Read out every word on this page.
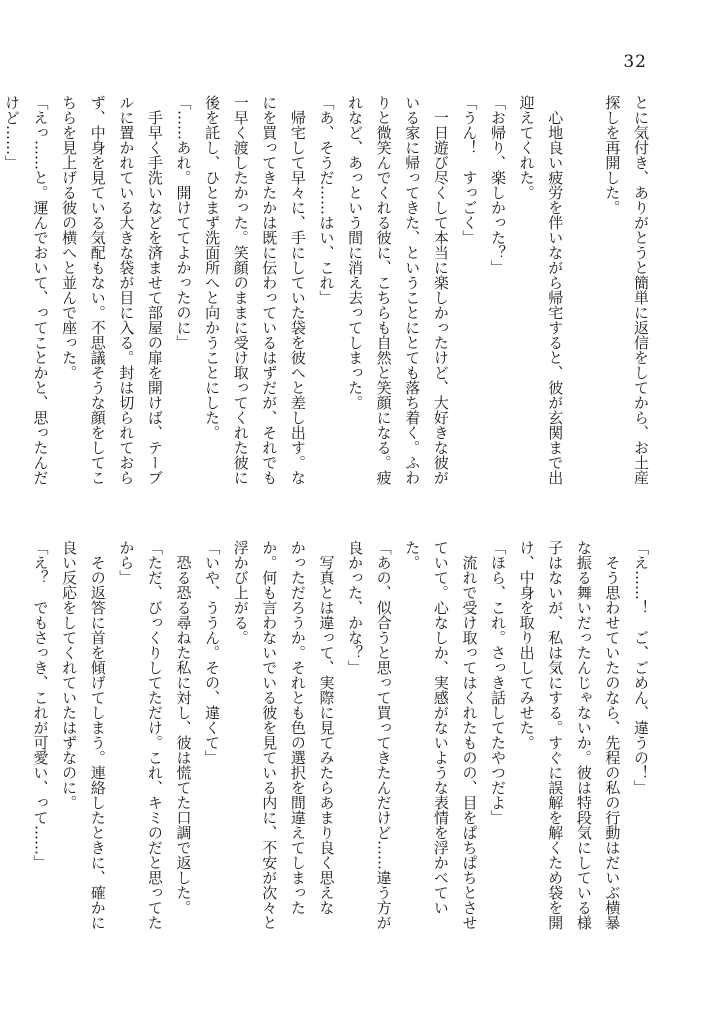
32
とに気付き、ありがとうと簡単に返信をしてから、お土産
探しを再開した。

　心地良い疲労を伴いながら帰宅すると、彼が玄関まで出
迎えてくれた。
「お帰り、楽しかった？」
「うん！　すっごく」
　一日遊び尽くして本当に楽しかったけど、大好きな彼が
いる家に帰ってきた、ということにとても落ち着く。ふわ
りと微笑んでくれる彼に、こちらも自然と笑顔になる。疲
れなど、あっという間に消え去ってしまった。
「あ、そうだ……はい、これ」
　帰宅して早々に、手にしていた袋を彼へと差し出す。な
にを買ってきたかは既に伝わっているはずだが、それでも
一早く渡したかった。笑顔のままに受け取ってくれた彼に
後を託し、ひとまず洗面所へと向かうことにした。
「……あれ。開けててよかったのに」
　手早く手洗いなどを済ませて部屋の扉を開けば、テーブ
ルに置かれている大きな袋が目に入る。封は切られておら
ず、中身を見ている気配もない。不思議そうな顔をしてこ
ちらを見上げる彼の横へと並んで座った。
「えっ……と。運んでおいて、ってことかと、思ったんだ
けど……」
「え……！　ご、ごめん、違うの！」
　そう思わせていたのなら、先程の私の行動はだいぶ横暴
な振る舞いだったんじゃないか。彼は特段気にしている様
子はないが、私は気にする。すぐに誤解を解くため袋を開
け、中身を取り出してみせた。
「ほら、これ。さっき話してたやつだよ」
　流れで受け取ってはくれたものの、目をぱちぱちとさせ
ていて。心なしか、実感がないような表情を浮かべてい
た。
「あの、似合うと思って買ってきたんだけど……違う方が
良かった、かな？」
　写真とは違って、実際に見てみたらあまり良く思えな
かっただろうか。それとも色の選択を間違えてしまった
か。何も言わないでいる彼を見ている内に、不安が次々と
浮かび上がる。
「いや、ううん。その、違くて」
　恐る恐る尋ねた私に対し、彼は慌てた口調で返した。
「ただ、びっくりしてただけ。これ、キミのだと思ってた
から」
　その返答に首を傾げてしまう。連絡したときに、確かに
良い反応をしてくれていたはずなのに。
「え？　でもさっき、これが可愛い、って……」
